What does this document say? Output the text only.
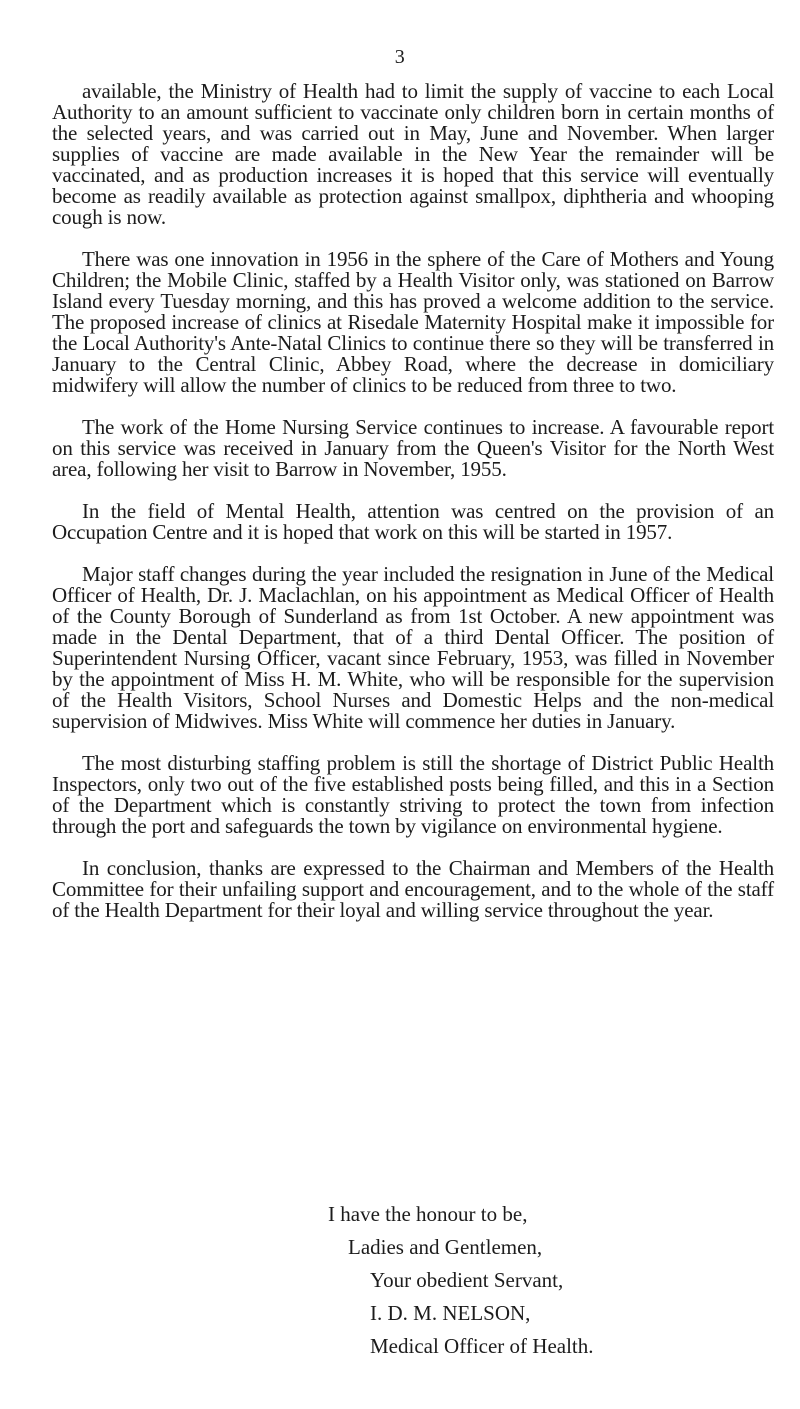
3

available, the Ministry of Health had to limit the supply of vaccine to each Local Authority to an amount sufficient to vaccinate only children born in certain months of the selected years, and was carried out in May, June and November. When larger supplies of vaccine are made available in the New Year the remainder will be vaccinated, and as production increases it is hoped that this service will eventually become as readily available as protection against smallpox, diphtheria and whooping cough is now.

There was one innovation in 1956 in the sphere of the Care of Mothers and Young Children; the Mobile Clinic, staffed by a Health Visitor only, was stationed on Barrow Island every Tuesday morning, and this has proved a welcome addition to the service. The proposed increase of clinics at Risedale Maternity Hospital make it impossible for the Local Authority's Ante-Natal Clinics to continue there so they will be transferred in January to the Central Clinic, Abbey Road, where the decrease in domiciliary midwifery will allow the number of clinics to be reduced from three to two.

The work of the Home Nursing Service continues to increase. A favourable report on this service was received in January from the Queen's Visitor for the North West area, following her visit to Barrow in November, 1955.

In the field of Mental Health, attention was centred on the provision of an Occupation Centre and it is hoped that work on this will be started in 1957.

Major staff changes during the year included the resignation in June of the Medical Officer of Health, Dr. J. Maclachlan, on his appointment as Medical Officer of Health of the County Borough of Sunderland as from 1st October. A new appointment was made in the Dental Department, that of a third Dental Officer. The position of Superintendent Nursing Officer, vacant since February, 1953, was filled in November by the appointment of Miss H. M. White, who will be responsible for the supervision of the Health Visitors, School Nurses and Domestic Helps and the non-medical supervision of Midwives. Miss White will commence her duties in January.

The most disturbing staffing problem is still the shortage of District Public Health Inspectors, only two out of the five established posts being filled, and this in a Section of the Department which is constantly striving to protect the town from infection through the port and safeguards the town by vigilance on environmental hygiene.

In conclusion, thanks are expressed to the Chairman and Members of the Health Committee for their unfailing support and encouragement, and to the whole of the staff of the Health Department for their loyal and willing service throughout the year.

I have the honour to be,
Ladies and Gentlemen,
Your obedient Servant,
I. D. M. NELSON,
Medical Officer of Health.
